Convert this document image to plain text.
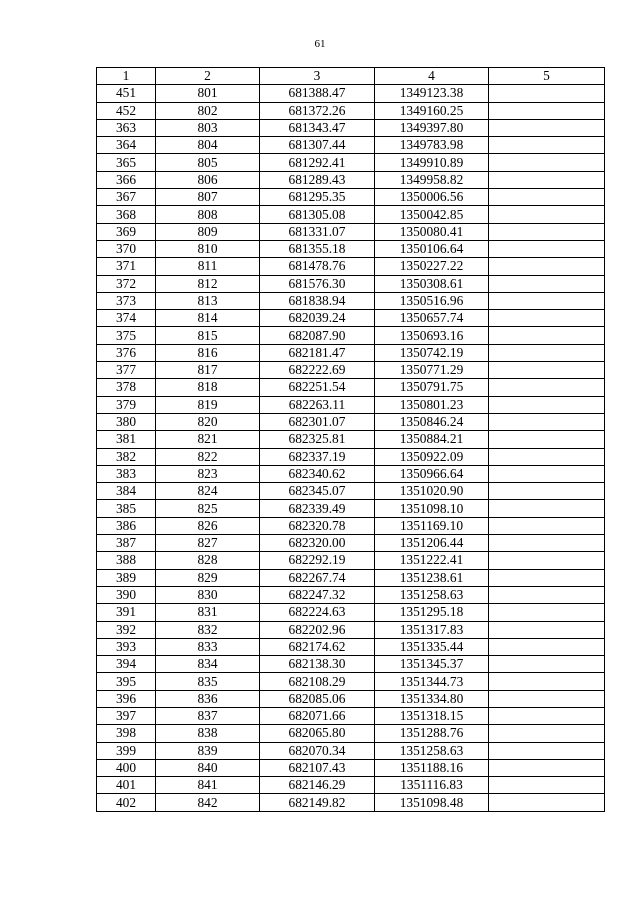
61
1	2	3	4	5
451	801	681388.47	1349123.38	
452	802	681372.26	1349160.25	
363	803	681343.47	1349397.80	
364	804	681307.44	1349783.98	
365	805	681292.41	1349910.89	
366	806	681289.43	1349958.82	
367	807	681295.35	1350006.56	
368	808	681305.08	1350042.85	
369	809	681331.07	1350080.41	
370	810	681355.18	1350106.64	
371	811	681478.76	1350227.22	
372	812	681576.30	1350308.61	
373	813	681838.94	1350516.96	
374	814	682039.24	1350657.74	
375	815	682087.90	1350693.16	
376	816	682181.47	1350742.19	
377	817	682222.69	1350771.29	
378	818	682251.54	1350791.75	
379	819	682263.11	1350801.23	
380	820	682301.07	1350846.24	
381	821	682325.81	1350884.21	
382	822	682337.19	1350922.09	
383	823	682340.62	1350966.64	
384	824	682345.07	1351020.90	
385	825	682339.49	1351098.10	
386	826	682320.78	1351169.10	
387	827	682320.00	1351206.44	
388	828	682292.19	1351222.41	
389	829	682267.74	1351238.61	
390	830	682247.32	1351258.63	
391	831	682224.63	1351295.18	
392	832	682202.96	1351317.83	
393	833	682174.62	1351335.44	
394	834	682138.30	1351345.37	
395	835	682108.29	1351344.73	
396	836	682085.06	1351334.80	
397	837	682071.66	1351318.15	
398	838	682065.80	1351288.76	
399	839	682070.34	1351258.63	
400	840	682107.43	1351188.16	
401	841	682146.29	1351116.83	
402	842	682149.82	1351098.48	
